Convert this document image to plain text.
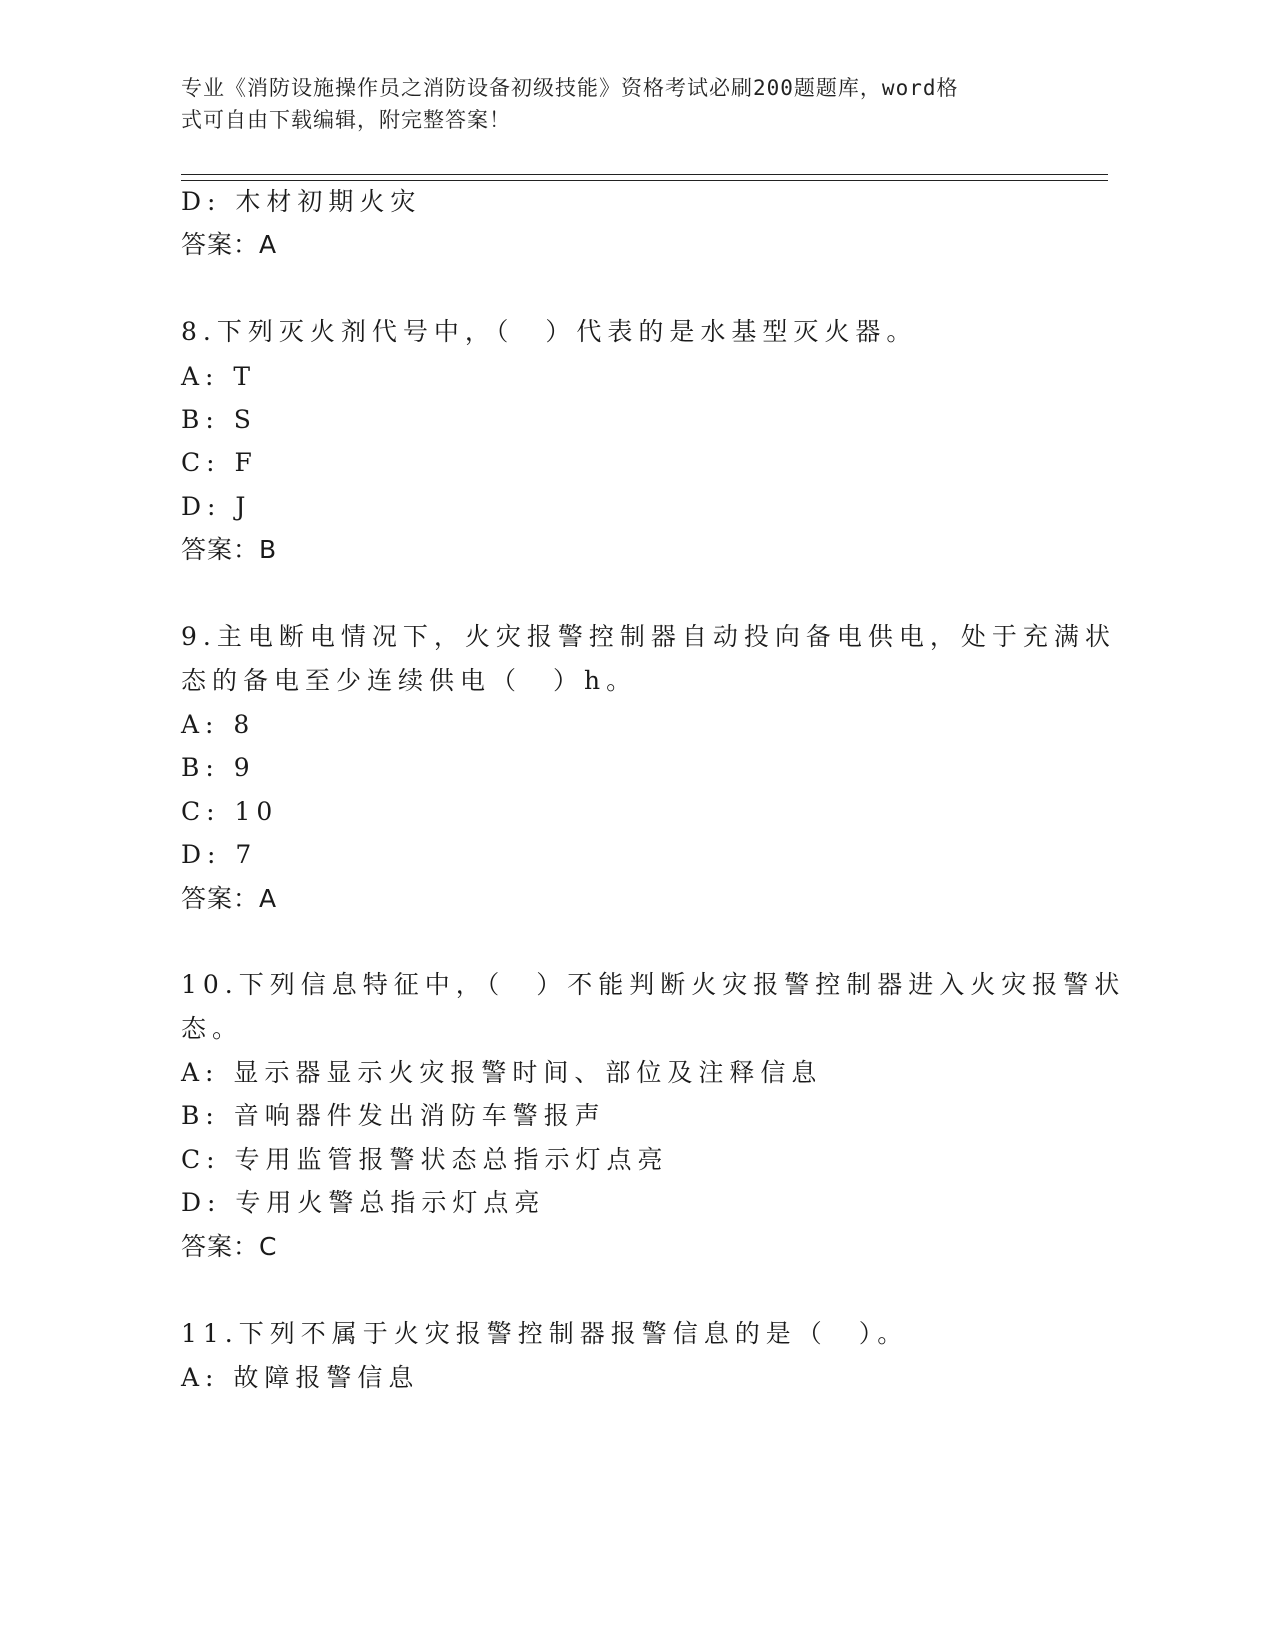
专业《消防设施操作员之消防设备初级技能》资格考试必刷200题题库，word格
式可自由下载编辑，附完整答案！
D: 木材初期火灾
答案：A
8.下列灭火剂代号中，（　）代表的是水基型灭火器。
A: T
B: S
C: F
D: J
答案：B
9.主电断电情况下，火灾报警控制器自动投向备电供电，处于充满状
态的备电至少连续供电（　）h。
A: 8
B: 9
C: 10
D: 7
答案：A
10.下列信息特征中，（　）不能判断火灾报警控制器进入火灾报警状
态。
A: 显示器显示火灾报警时间、部位及注释信息
B: 音响器件发出消防车警报声
C: 专用监管报警状态总指示灯点亮
D: 专用火警总指示灯点亮
答案：C
11.下列不属于火灾报警控制器报警信息的是（　）。
A: 故障报警信息
